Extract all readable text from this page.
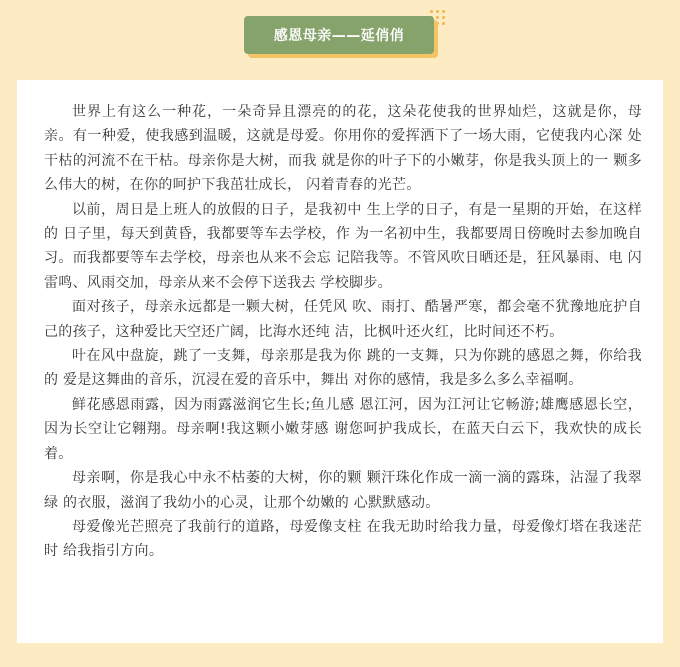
感恩母亲——延俏俏

世界上有这么一种花，一朵奇异且漂亮的的花，这朵花使我的世界灿烂，这就是你，母亲。有一种爱，使我感到温暖，这就是母爱。你用你的爱挥洒下了一场大雨，它使我内心深 处干枯的河流不在干枯。母亲你是大树，而我 就是你的叶子下的小嫩芽，你是我头顶上的一 颗多么伟大的树，在你的呵护下我茁壮成长， 闪着青春的光芒。

以前，周日是上班人的放假的日子，是我初中 生上学的日子，有是一星期的开始，在这样的 日子里，每天到黄昏，我都要等车去学校，作 为一名初中生，我都要周日傍晚时去参加晚自 习。而我都要等车去学校，母亲也从来不会忘 记陪我等。不管风吹日晒还是，狂风暴雨、电 闪雷鸣、风雨交加，母亲从来不会停下送我去 学校脚步。

面对孩子，母亲永远都是一颗大树，任凭风 吹、雨打、酷暑严寒，都会毫不犹豫地庇护自 己的孩子，这种爱比天空还广阔，比海水还纯 洁，比枫叶还火红，比时间还不朽。

叶在风中盘旋，跳了一支舞，母亲那是我为你 跳的一支舞，只为你跳的感恩之舞，你给我的 爱是这舞曲的音乐，沉浸在爱的音乐中，舞出 对你的感情，我是多么多么幸福啊。

鲜花感恩雨露，因为雨露滋润它生长;鱼儿感 恩江河，因为江河让它畅游;雄鹰感恩长空，因为长空让它翱翔。母亲啊!我这颗小嫩芽感 谢您呵护我成长，在蓝天白云下，我欢快的成长着。

母亲啊，你是我心中永不枯萎的大树，你的颗 颗汗珠化作成一滴一滴的露珠，沾湿了我翠绿 的衣服，滋润了我幼小的心灵，让那个幼嫩的 心默默感动。

母爱像光芒照亮了我前行的道路，母爱像支柱 在我无助时给我力量，母爱像灯塔在我迷茫时 给我指引方向。
